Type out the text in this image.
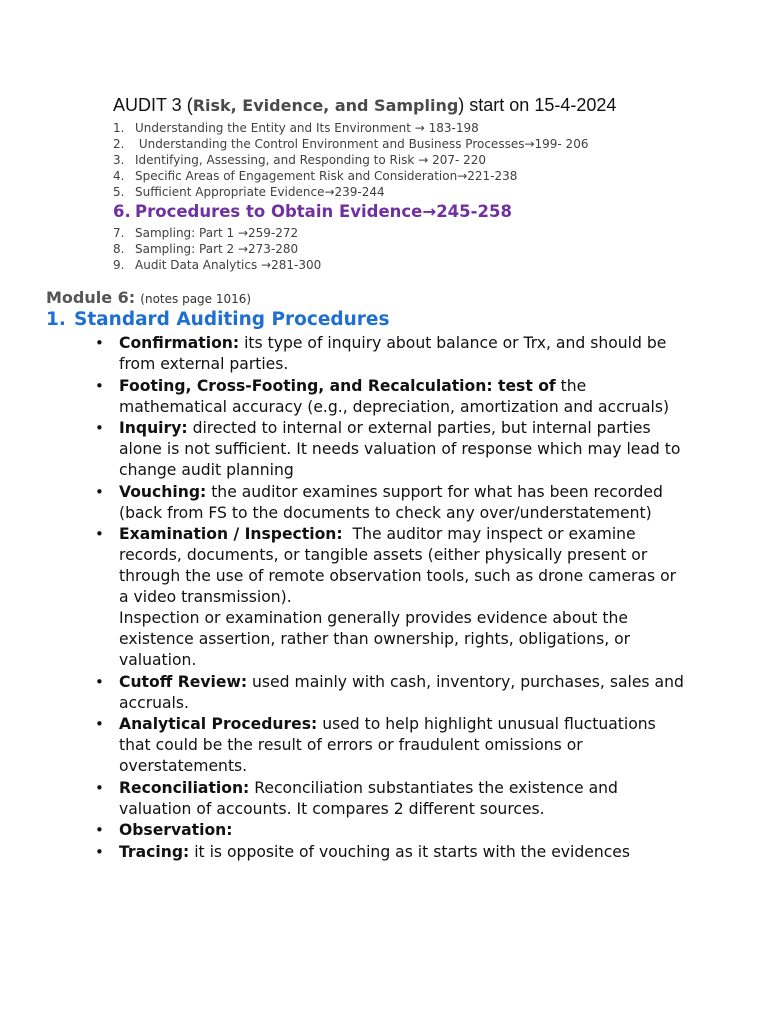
AUDIT 3 (Risk, Evidence, and Sampling) start on 15-4-2024
1. Understanding the Entity and Its Environment → 183-198
2. Understanding the Control Environment and Business Processes→199- 206
3. Identifying, Assessing, and Responding to Risk → 207- 220
4. Specific Areas of Engagement Risk and Consideration→221-238
5. Sufficient Appropriate Evidence→239-244
6. Procedures to Obtain Evidence→245-258
7. Sampling: Part 1 →259-272
8. Sampling: Part 2 →273-280
9. Audit Data Analytics →281-300
Module 6: (notes page 1016)
1. Standard Auditing Procedures
• Confirmation: its type of inquiry about balance or Trx, and should be from external parties.
• Footing, Cross-Footing, and Recalculation: test of the mathematical accuracy (e.g., depreciation, amortization and accruals)
• Inquiry: directed to internal or external parties, but internal parties alone is not sufficient. It needs valuation of response which may lead to change audit planning
• Vouching: the auditor examines support for what has been recorded (back from FS to the documents to check any over/understatement)
• Examination / Inspection:  The auditor may inspect or examine records, documents, or tangible assets (either physically present or through the use of remote observation tools, such as drone cameras or a video transmission).
Inspection or examination generally provides evidence about the existence assertion, rather than ownership, rights, obligations, or valuation.
• Cutoff Review: used mainly with cash, inventory, purchases, sales and accruals.
• Analytical Procedures: used to help highlight unusual fluctuations that could be the result of errors or fraudulent omissions or overstatements.
• Reconciliation: Reconciliation substantiates the existence and valuation of accounts. It compares 2 different sources.
• Observation:
• Tracing: it is opposite of vouching as it starts with the evidences
